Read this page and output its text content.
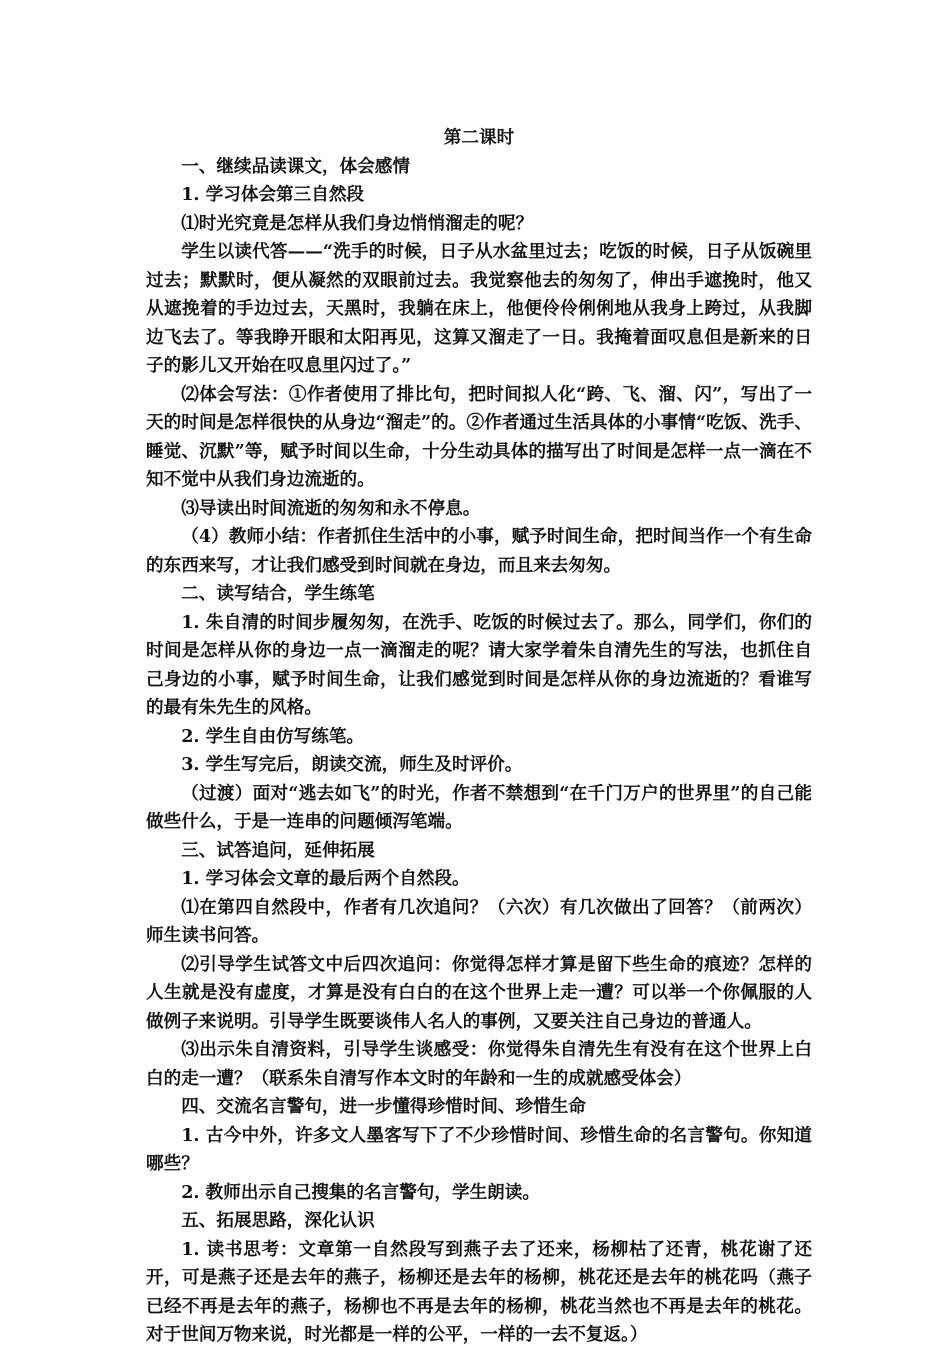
第二课时

一、继续品读课文，体会感情

1. 学习体会第三自然段

⑴时光究竟是怎样从我们身边悄悄溜走的呢？

学生以读代答——“洗手的时候，日子从水盆里过去；吃饭的时候，日子从饭碗里过去；默默时，便从凝然的双眼前过去。我觉察他去的匆匆了，伸出手遮挽时，他又从遮挽着的手边过去，天黑时，我躺在床上，他便伶伶俐俐地从我身上跨过，从我脚边飞去了。等我睁开眼和太阳再见，这算又溜走了一日。我掩着面叹息但是新来的日子的影儿又开始在叹息里闪过了。”

⑵体会写法：①作者使用了排比句，把时间拟人化“跨、飞、溜、闪”，写出了一天的时间是怎样很快的从身边“溜走”的。②作者通过生活具体的小事情“吃饭、洗手、睡觉、沉默”等，赋予时间以生命，十分生动具体的描写出了时间是怎样一点一滴在不知不觉中从我们身边流逝的。

⑶导读出时间流逝的匆匆和永不停息。

（4）教师小结：作者抓住生活中的小事，赋予时间生命，把时间当作一个有生命的东西来写，才让我们感受到时间就在身边，而且来去匆匆。

二、读写结合，学生练笔

1. 朱自清的时间步履匆匆，在洗手、吃饭的时候过去了。那么，同学们，你们的时间是怎样从你的身边一点一滴溜走的呢？请大家学着朱自清先生的写法，也抓住自己身边的小事，赋予时间生命，让我们感觉到时间是怎样从你的身边流逝的？看谁写的最有朱先生的风格。

2. 学生自由仿写练笔。

3. 学生写完后，朗读交流，师生及时评价。

（过渡）面对“逃去如飞”的时光，作者不禁想到“在千门万户的世界里”的自己能做些什么，于是一连串的问题倾泻笔端。

三、试答追问，延伸拓展

1. 学习体会文章的最后两个自然段。

⑴在第四自然段中，作者有几次追问？（六次）有几次做出了回答？（前两次）师生读书问答。

⑵引导学生试答文中后四次追问：你觉得怎样才算是留下些生命的痕迹？怎样的人生就是没有虚度，才算是没有白白的在这个世界上走一遭？可以举一个你佩服的人做例子来说明。引导学生既要谈伟人名人的事例，又要关注自己身边的普通人。

⑶出示朱自清资料，引导学生谈感受：你觉得朱自清先生有没有在这个世界上白白的走一遭？（联系朱自清写作本文时的年龄和一生的成就感受体会）

四、交流名言警句，进一步懂得珍惜时间、珍惜生命

1. 古今中外，许多文人墨客写下了不少珍惜时间、珍惜生命的名言警句。你知道哪些？

2. 教师出示自己搜集的名言警句，学生朗读。

五、拓展思路，深化认识

1. 读书思考：文章第一自然段写到燕子去了还来，杨柳枯了还青，桃花谢了还开，可是燕子还是去年的燕子，杨柳还是去年的杨柳，桃花还是去年的桃花吗（燕子已经不再是去年的燕子，杨柳也不再是去年的杨柳，桃花当然也不再是去年的桃花。对于世间万物来说，时光都是一样的公平，一样的一去不复返。）
